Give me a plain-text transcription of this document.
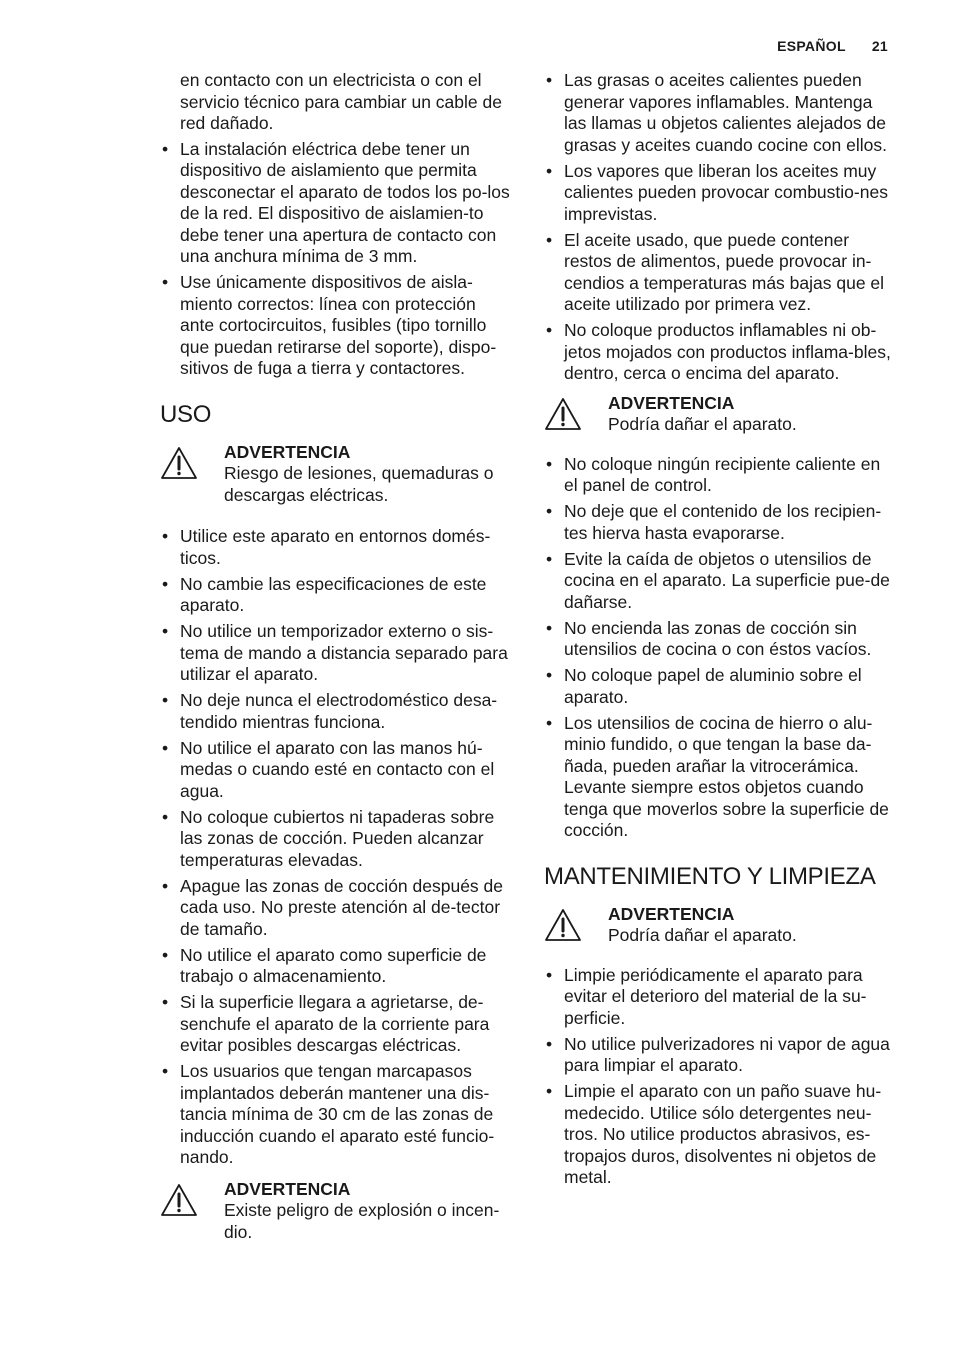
ESPAÑOL 21

en contacto con un electricista o con el servicio técnico para cambiar un cable de red dañado.

• La instalación eléctrica debe tener un dispositivo de aislamiento que permita desconectar el aparato de todos los po-los de la red. El dispositivo de aislamien-to debe tener una apertura de contacto con una anchura mínima de 3 mm.
• Use únicamente dispositivos de aisla-miento correctos: línea con protección ante cortocircuitos, fusibles (tipo tornillo que puedan retirarse del soporte), dispo-sitivos de fuga a tierra y contactores.
USO
ADVERTENCIA
Riesgo de lesiones, quemaduras o descargas eléctricas.
• Utilice este aparato en entornos domés-ticos.
• No cambie las especificaciones de este aparato.
• No utilice un temporizador externo o sis-tema de mando a distancia separado para utilizar el aparato.
• No deje nunca el electrodoméstico desa-tendido mientras funciona.
• No utilice el aparato con las manos hú-medas o cuando esté en contacto con el agua.
• No coloque cubiertos ni tapaderas sobre las zonas de cocción. Pueden alcanzar temperaturas elevadas.
• Apague las zonas de cocción después de cada uso. No preste atención al de-tector de tamaño.
• No utilice el aparato como superficie de trabajo o almacenamiento.
• Si la superficie llegara a agrietarse, de-senchufe el aparato de la corriente para evitar posibles descargas eléctricas.
• Los usuarios que tengan marcapasos implantados deberán mantener una dis-tancia mínima de 30 cm de las zonas de inducción cuando el aparato esté funcio-nando.
ADVERTENCIA
Existe peligro de explosión o incen-dio.
• Las grasas o aceites calientes pueden generar vapores inflamables. Mantenga las llamas u objetos calientes alejados de grasas y aceites cuando cocine con ellos.
• Los vapores que liberan los aceites muy calientes pueden provocar combustio-nes imprevistas.
• El aceite usado, que puede contener restos de alimentos, puede provocar in-cendios a temperaturas más bajas que el aceite utilizado por primera vez.
• No coloque productos inflamables ni ob-jetos mojados con productos inflama-bles, dentro, cerca o encima del aparato.
ADVERTENCIA
Podría dañar el aparato.
• No coloque ningún recipiente caliente en el panel de control.
• No deje que el contenido de los recipien-tes hierva hasta evaporarse.
• Evite la caída de objetos o utensilios de cocina en el aparato. La superficie pue-de dañarse.
• No encienda las zonas de cocción sin utensilios de cocina o con éstos vacíos.
• No coloque papel de aluminio sobre el aparato.
• Los utensilios de cocina de hierro o alu-minio fundido, o que tengan la base da-ñada, pueden arañar la vitrocerámica. Levante siempre estos objetos cuando tenga que moverlos sobre la superficie de cocción.
MANTENIMIENTO Y LIMPIEZA
ADVERTENCIA
Podría dañar el aparato.
• Limpie periódicamente el aparato para evitar el deterioro del material de la su-perficie.
• No utilice pulverizadores ni vapor de agua para limpiar el aparato.
• Limpie el aparato con un paño suave hu-medecido. Utilice sólo detergentes neu-tros. No utilice productos abrasivos, es-tropajos duros, disolventes ni objetos de metal.
